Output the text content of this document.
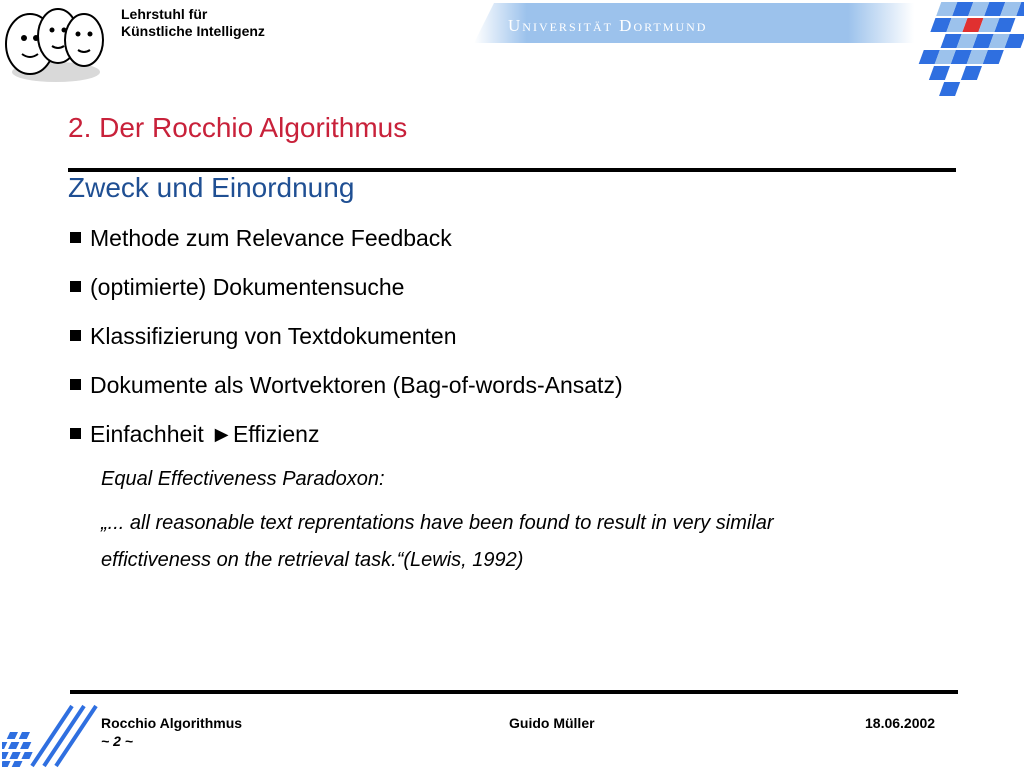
Lehrstuhl für
Künstliche Intelligenz	Universität Dortmund
2. Der Rocchio Algorithmus
Zweck und Einordnung
Methode zum Relevance Feedback
(optimierte) Dokumentensuche
Klassifizierung von Textdokumenten
Dokumente als Wortvektoren (Bag-of-words-Ansatz)
Einfachheit ►Effizienz
Equal Effectiveness Paradoxon:
„... all reasonable text reprentations have been found to result in very similar
effictiveness on the retrieval task.“(Lewis, 1992)
Rocchio Algorithmus	Guido Müller	18.06.2002
~ 2 ~
